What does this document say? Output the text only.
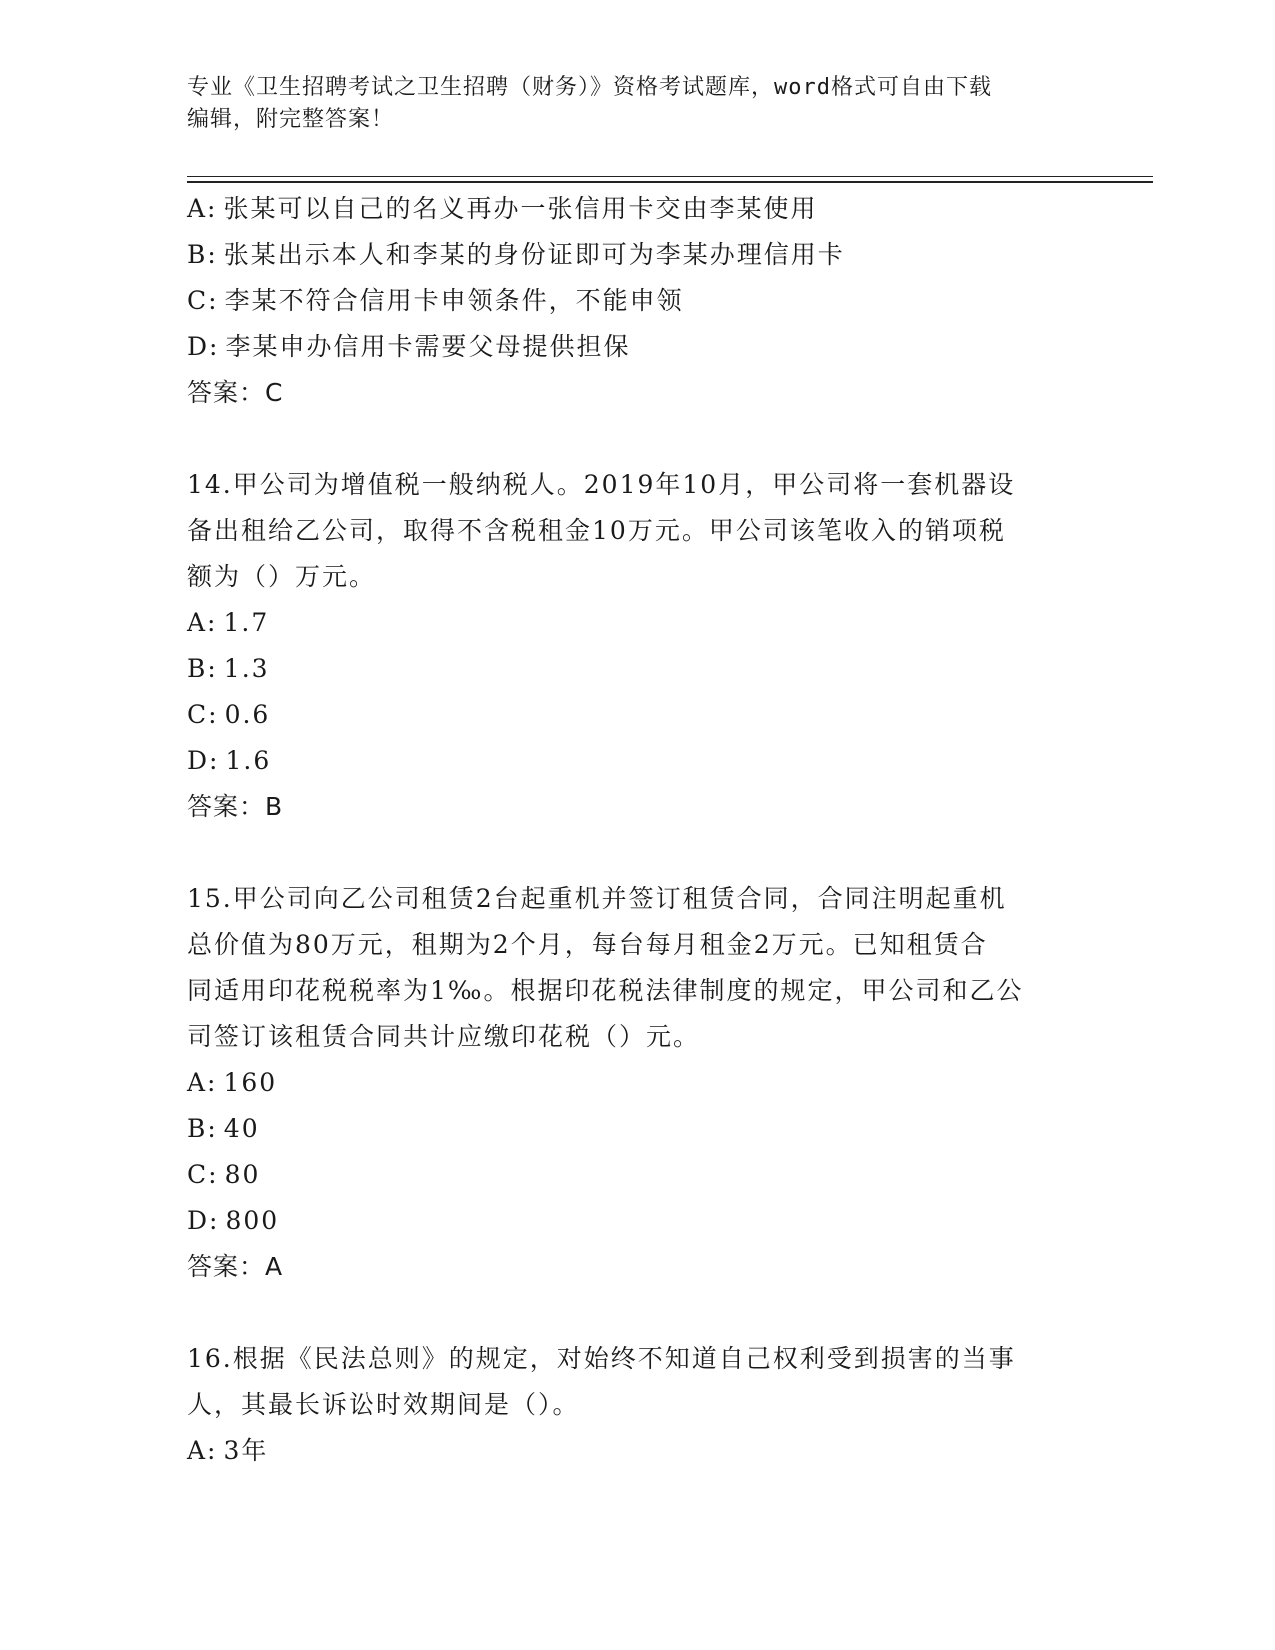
专业《卫生招聘考试之卫生招聘（财务）》资格考试题库，word格式可自由下载
编辑，附完整答案！
A: 张某可以自己的名义再办一张信用卡交由李某使用
B: 张某出示本人和李某的身份证即可为李某办理信用卡
C: 李某不符合信用卡申领条件，不能申领
D: 李某申办信用卡需要父母提供担保
答案：C
14.甲公司为增值税一般纳税人。2019年10月，甲公司将一套机器设
备出租给乙公司，取得不含税租金10万元。甲公司该笔收入的销项税
额为（）万元。
A: 1.7
B: 1.3
C: 0.6
D: 1.6
答案：B
15.甲公司向乙公司租赁2台起重机并签订租赁合同，合同注明起重机
总价值为80万元，租期为2个月，每台每月租金2万元。已知租赁合
同适用印花税税率为1‰。根据印花税法律制度的规定，甲公司和乙公
司签订该租赁合同共计应缴印花税（）元。
A: 160
B: 40
C: 80
D: 800
答案：A
16.根据《民法总则》的规定，对始终不知道自己权利受到损害的当事
人，其最长诉讼时效期间是（）。
A: 3年
